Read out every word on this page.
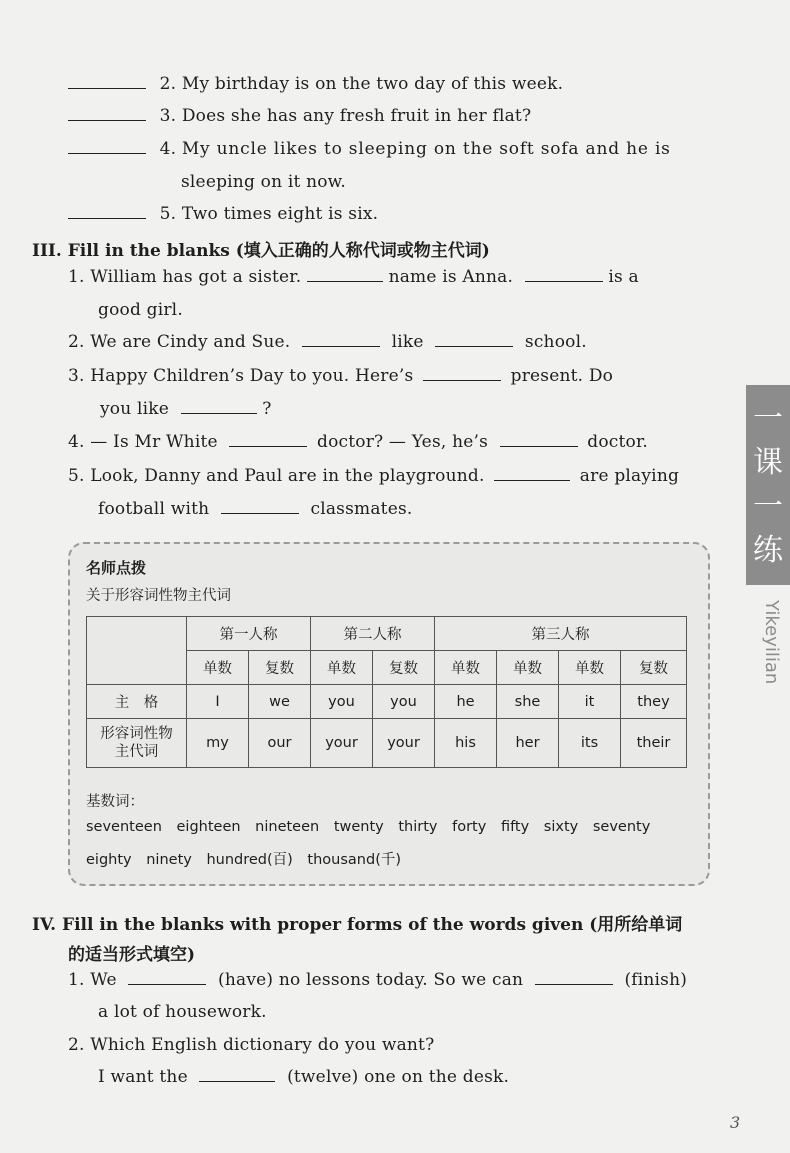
2. My birthday is on the two day of this week.
3. Does she has any fresh fruit in her flat?
4. My uncle likes to sleeping on the soft sofa and he is
sleeping on it now.
5. Two times eight is six.
III. Fill in the blanks (填入正确的人称代词或物主代词)
1. William has got a sister.	name is Anna.	is a
good girl.
2. We are Cindy and Sue.	like	school.
3. Happy Children’s Day to you. Here’s	present. Do
you like	?
4. — Is Mr White	doctor? — Yes, he’s	doctor.
5. Look, Danny and Paul are in the playground.	are playing
football with	classmates.
一
课
一
练
Yikeyilian
名师点拨
关于形容词性物主代词
	第一人称		第二人称		第三人称			
	单数	复数	单数	复数	单数	单数	单数	复数
主　格	I	we	you	you	he	she	it	they

形容词性物
主代词	my	our	your	your	his	her	its	their
基数词：
seventeen eighteen nineteen twenty thirty forty fifty sixty seventy
eighty ninety hundred(百) thousand(千)
IV. Fill in the blanks with proper forms of the words given (用所给单词
的适当形式填空)
1. We	(have) no lessons today. So we can	(finish)
a lot of housework.
2. Which English dictionary do you want?
I want the	(twelve) one on the desk.
3
